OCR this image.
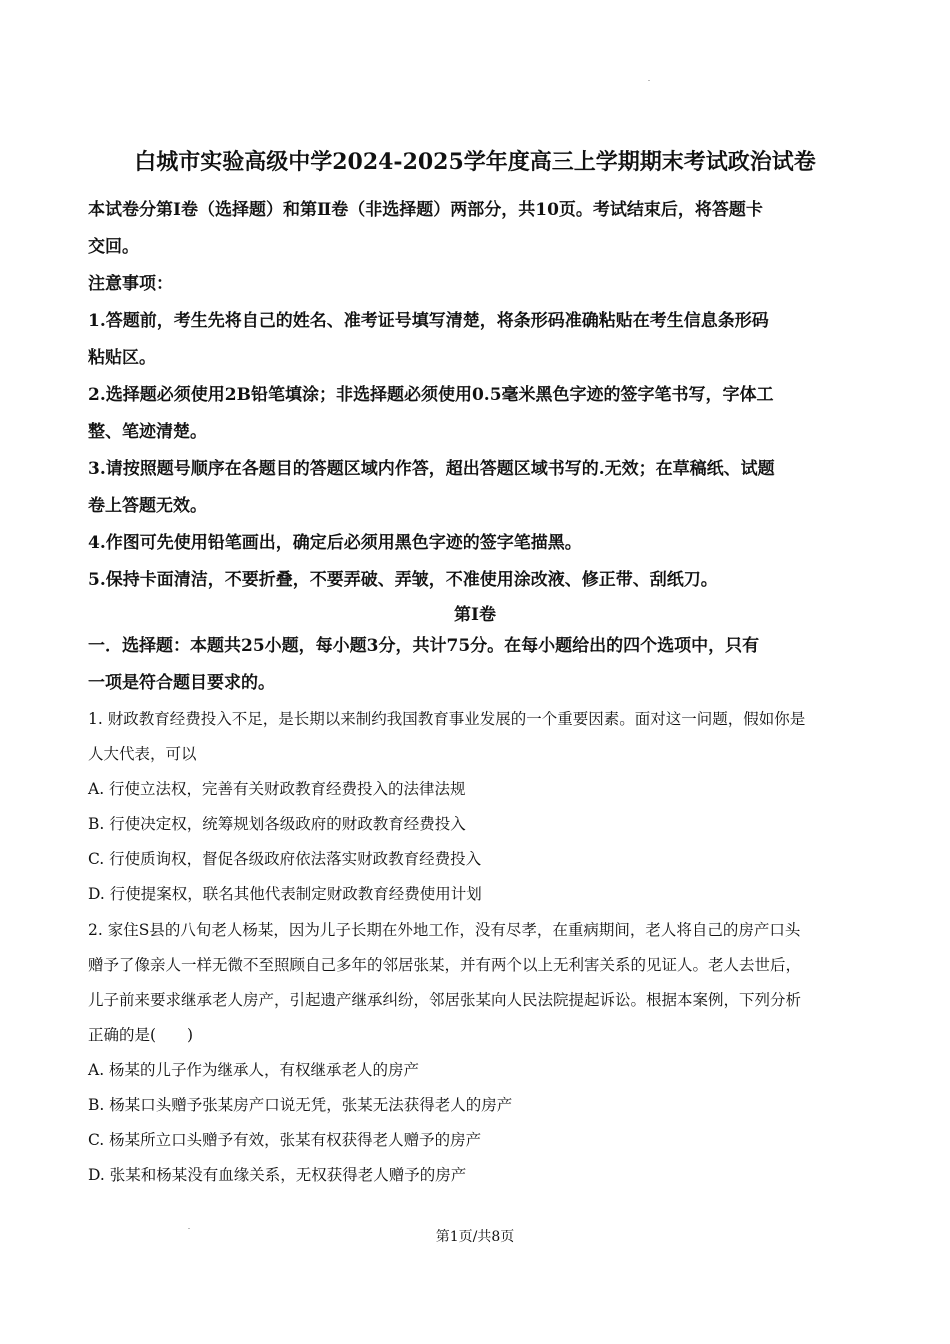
白城市实验高级中学2024-2025学年度高三上学期期末考试政治试卷
本试卷分第Ⅰ卷（选择题）和第Ⅱ卷（非选择题）两部分，共10页。考试结束后，将答题卡
交回。
注意事项：
1.答题前，考生先将自己的姓名、准考证号填写清楚，将条形码准确粘贴在考生信息条形码
粘贴区。
2.选择题必须使用2B铅笔填涂；非选择题必须使用0.5毫米黑色字迹的签字笔书写，字体工
整、笔迹清楚。
3.请按照题号顺序在各题目的答题区域内作答，超出答题区域书写的.无效；在草稿纸、试题
卷上答题无效。
4.作图可先使用铅笔画出，确定后必须用黑色字迹的签字笔描黑。
5.保持卡面清洁，不要折叠，不要弄破、弄皱，不准使用涂改液、修正带、刮纸刀。
第Ⅰ卷
一．选择题：本题共25小题，每小题3分，共计75分。在每小题给出的四个选项中，只有
一项是符合题目要求的。
1. 财政教育经费投入不足，是长期以来制约我国教育事业发展的一个重要因素。面对这一问题，假如你是
人大代表，可以
A. 行使立法权，完善有关财政教育经费投入的法律法规
B. 行使决定权，统筹规划各级政府的财政教育经费投入
C. 行使质询权，督促各级政府依法落实财政教育经费投入
D. 行使提案权，联名其他代表制定财政教育经费使用计划
2. 家住S县的八旬老人杨某，因为儿子长期在外地工作，没有尽孝，在重病期间，老人将自己的房产口头
赠予了像亲人一样无微不至照顾自己多年的邻居张某，并有两个以上无利害关系的见证人。老人去世后，
儿子前来要求继承老人房产，引起遗产继承纠纷，邻居张某向人民法院提起诉讼。根据本案例，下列分析
正确的是(　　)
A. 杨某的儿子作为继承人，有权继承老人的房产
B. 杨某口头赠予张某房产口说无凭，张某无法获得老人的房产
C. 杨某所立口头赠予有效，张某有权获得老人赠予的房产
D. 张某和杨某没有血缘关系，无权获得老人赠予的房产
第1页/共8页
